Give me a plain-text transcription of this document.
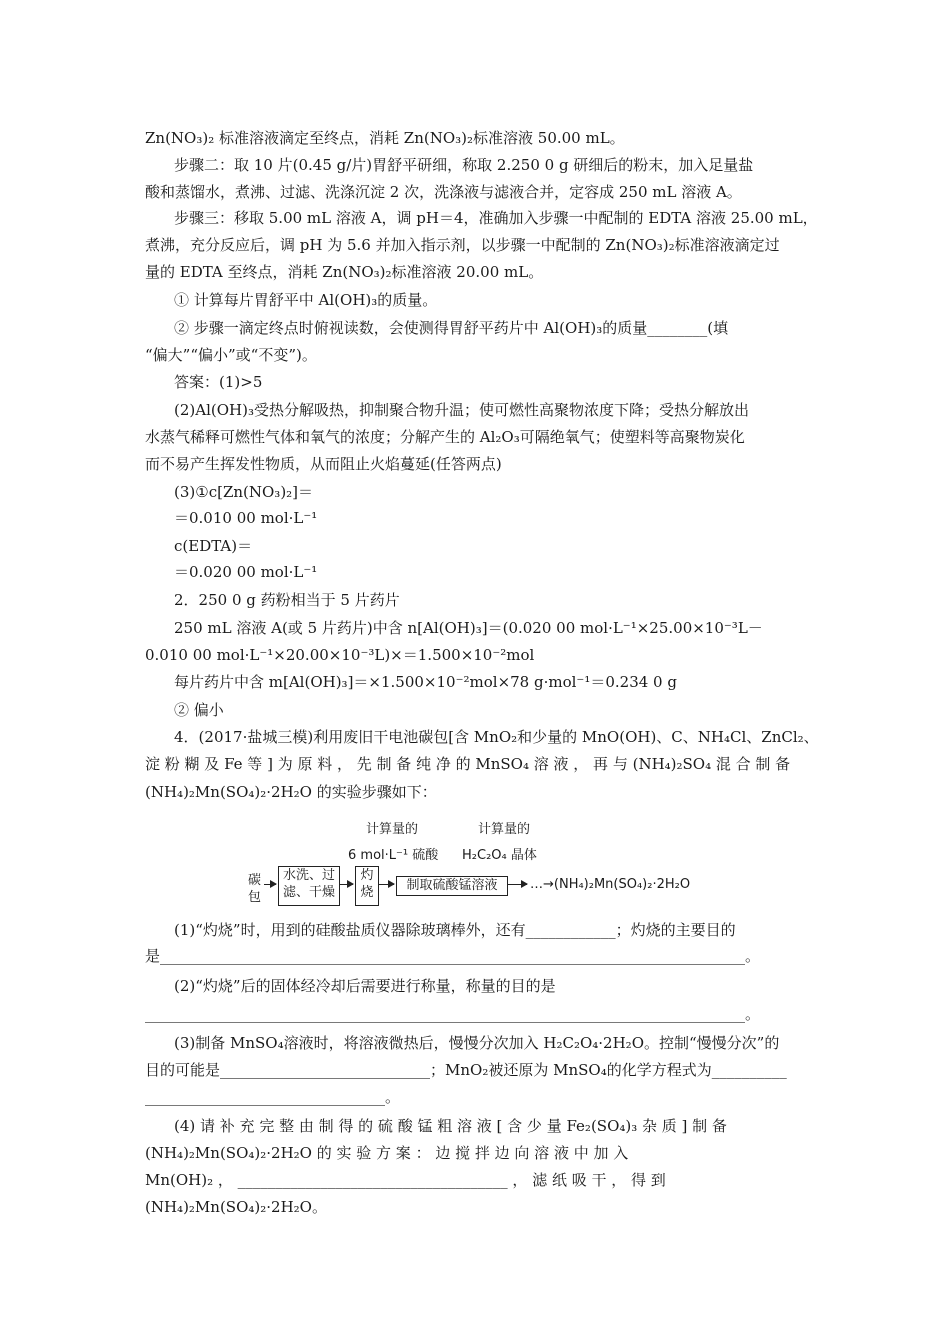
Zn(NO₃)₂ 标准溶液滴定至终点，消耗 Zn(NO₃)₂标准溶液 50.00 mL。
步骤二：取 10 片(0.45 g/片)胃舒平研细，称取 2.250 0 g 研细后的粉末，加入足量盐
酸和蒸馏水，煮沸、过滤、洗涤沉淀 2 次，洗涤液与滤液合并，定容成 250 mL 溶液 A。
步骤三：移取 5.00 mL 溶液 A，调 pH＝4，准确加入步骤一中配制的 EDTA 溶液 25.00 mL，
煮沸，充分反应后，调 pH 为 5.6 并加入指示剂，以步骤一中配制的 Zn(NO₃)₂标准溶液滴定过
量的 EDTA 至终点，消耗 Zn(NO₃)₂标准溶液 20.00 mL。
① 计算每片胃舒平中 Al(OH)₃的质量。
② 步骤一滴定终点时俯视读数，会使测得胃舒平药片中 Al(OH)₃的质量________(填
“偏大”“偏小”或“不变”)。
答案：(1)>5
(2)Al(OH)₃受热分解吸热，抑制聚合物升温；使可燃性高聚物浓度下降；受热分解放出
水蒸气稀释可燃性气体和氧气的浓度；分解产生的 Al₂O₃可隔绝氧气；使塑料等高聚物炭化
而不易产生挥发性物质，从而阻止火焰蔓延(任答两点)
(3)①c[Zn(NO₃)₂]＝
＝0.010 00 mol·L⁻¹
c(EDTA)＝
＝0.020 00 mol·L⁻¹
2．250 0 g 药粉相当于 5 片药片
250 mL 溶液 A(或 5 片药片)中含 n[Al(OH)₃]＝(0.020 00 mol·L⁻¹×25.00×10⁻³L－
0.010 00 mol·L⁻¹×20.00×10⁻³L)×＝1.500×10⁻²mol
每片药片中含 m[Al(OH)₃]＝×1.500×10⁻²mol×78 g·mol⁻¹＝0.234 0 g
② 偏小
4．(2017·盐城三模)利用废旧干电池碳包[含 MnO₂和少量的 MnO(OH)、C、NH₄Cl、ZnCl₂、
淀 粉 糊 及 Fe 等 ] 为 原 料 ， 先 制 备 纯 净 的 MnSO₄ 溶 液 ， 再 与 (NH₄)₂SO₄ 混 合 制 备
(NH₄)₂Mn(SO₄)₂·2H₂O 的实验步骤如下：
(1)“灼烧”时，用到的硅酸盐质仪器除玻璃棒外，还有____________；灼烧的主要目的
是______________________________________________________________________________。
(2)“灼烧”后的固体经冷却后需要进行称量，称量的目的是
________________________________________________________________________________。
(3)制备 MnSO₄溶液时，将溶液微热后，慢慢分次加入 H₂C₂O₄·2H₂O。控制“慢慢分次”的
目的可能是____________________________；MnO₂被还原为 MnSO₄的化学方程式为__________
________________________________。
(4) 请 补 充 完 整 由 制 得 的 硫 酸 锰 粗 溶 液 [ 含 少 量 Fe₂(SO₄)₃ 杂 质 ] 制 备
(NH₄)₂Mn(SO₄)₂·2H₂O 的 实 验 方 案 ： 边 搅 拌 边 向 溶 液 中 加 入
Mn(OH)₂ ， ____________________________________ ， 滤 纸 吸 干 ， 得 到
(NH₄)₂Mn(SO₄)₂·2H₂O。
计算量的	计算量的
6 mol·L⁻¹ 硫酸 H₂C₂O₄ 晶体
碳
包
水洗、过
滤、干燥
灼
烧	制取硫酸锰溶液	…→(NH₄)₂Mn(SO₄)₂·2H₂O
